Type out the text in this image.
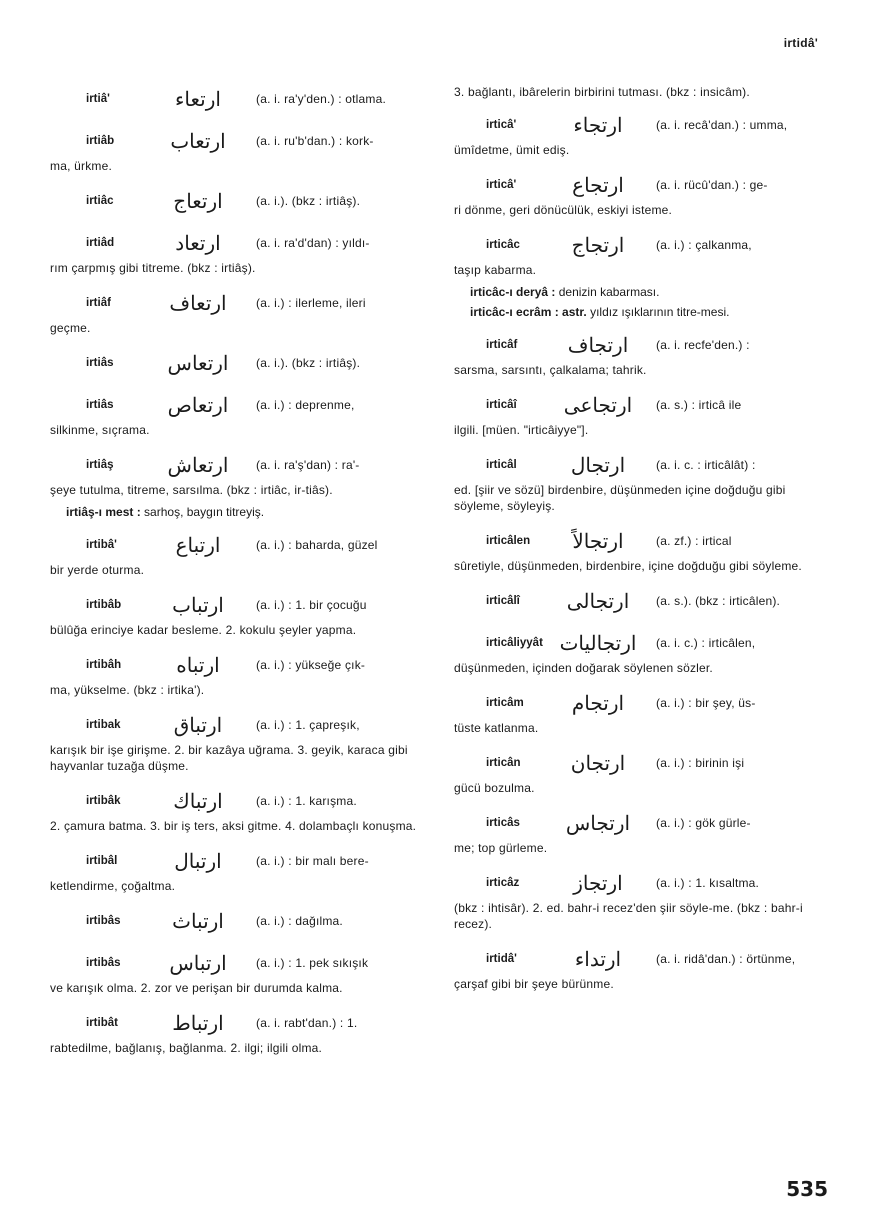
irtidâ'
irtiâ'	ارتعاء	(a. i. ra'y'den.) : otlama.
irtiâb	ارتعاب	(a. i. ru'b'dan.) : kork-
ma, ürkme.
irtiâc	ارتعاج	(a. i.). (bkz : irtiâş).
irtiâd	ارتعاد	(a. i. ra'd'dan) : yıldı-
rım çarpmış gibi titreme. (bkz : irtiâş).
irtiâf	ارتعاف	(a. i.) : ilerleme, ileri
geçme.
irtiâs	ارتعاس	(a. i.). (bkz : irtiâş).
irtiâs	ارتعاص	(a. i.) : deprenme,
silkinme, sıçrama.
irtiâş	ارتعاش	(a. i. ra'ş'dan) : ra'-
şeye tutulma, titreme, sarsılma. (bkz : irtiâc, ir-tiâs).
irtiâş-ı mest : sarhoş, baygın titreyiş.
irtibâ'	ارتباع	(a. i.) : baharda, güzel
bir yerde oturma.
irtibâb	ارتباب	(a. i.) : 1. bir çocuğu
bülûğa erinciye kadar besleme. 2. kokulu şeyler yapma.
irtibâh	ارتباه	(a. i.) : yükseğe çık-
ma, yükselme. (bkz : irtika').
irtibak	ارتباق	(a. i.) : 1. çapreşık,
karışık bir işe girişme. 2. bir kazâya uğrama. 3. geyik, karaca gibi hayvanlar tuzağa düşme.
irtibâk	ارتباك	(a. i.) : 1. karışma.
2. çamura batma. 3. bir iş ters, aksi gitme. 4. dolambaçlı konuşma.
irtibâl	ارتبال	(a. i.) : bir malı bere-
ketlendirme, çoğaltma.
irtibâs	ارتباث	(a. i.) : dağılma.
irtibâs	ارتباس	(a. i.) : 1. pek sıkışık
ve karışık olma. 2. zor ve perişan bir durumda kalma.
irtibât	ارتباط	(a. i. rabt'dan.) : 1.
rabtedilme, bağlanış, bağlanma. 2. ilgi; ilgili olma.
3. bağlantı, ibârelerin birbirini tutması. (bkz : insicâm).
irticâ'	ارتجاء	(a. i. recâ'dan.) : umma,
ümîdetme, ümit ediş.
irticâ'	ارتجاع	(a. i. rücû'dan.) : ge-
ri dönme, geri dönücülük, eskiyi isteme.
irticâc	ارتجاج	(a. i.) : çalkanma,
taşıp kabarma.
irticâc-ı deryâ : denizin kabarması.
irticâc-ı ecrâm : astr. yıldız ışıklarının titre-mesi.
irticâf	ارتجاف	(a. i. recfe'den.) :
sarsma, sarsıntı, çalkalama; tahrik.
irticâî	ارتجاعی	(a. s.) : irticâ ile
ilgili. [müen. "irticâiyye"].
irticâl	ارتجال	(a. i. c. : irticâlât) :
ed. [şiir ve sözü] birdenbire, düşünmeden içine doğduğu gibi söyleme, söyleyiş.
irticâlen	ارتجالاً	(a. zf.) : irtical
sûretiyle, düşünmeden, birdenbire, içine doğduğu gibi söyleme.
irticâlî	ارتجالی	(a. s.). (bkz : irticâlen).
irticâliyyât ارتجالیات	(a. i. c.) : irticâlen,
düşünmeden, içinden doğarak söylenen sözler.
irticâm	ارتجام	(a. i.) : bir şey, üs-
tüste katlanma.
irticân	ارتجان	(a. i.) : birinin işi
gücü bozulma.
irticâs	ارتجاس	(a. i.) : gök gürle-
me; top gürleme.
irticâz	ارتجاز	(a. i.) : 1. kısaltma.
(bkz : ihtisâr). 2. ed. bahr-i recez'den şiir söyle-me. (bkz : bahr-i recez).
irtidâ'	ارتداء	(a. i. ridâ'dan.) : örtünme,
çarşaf gibi bir şeye bürünme.
535
